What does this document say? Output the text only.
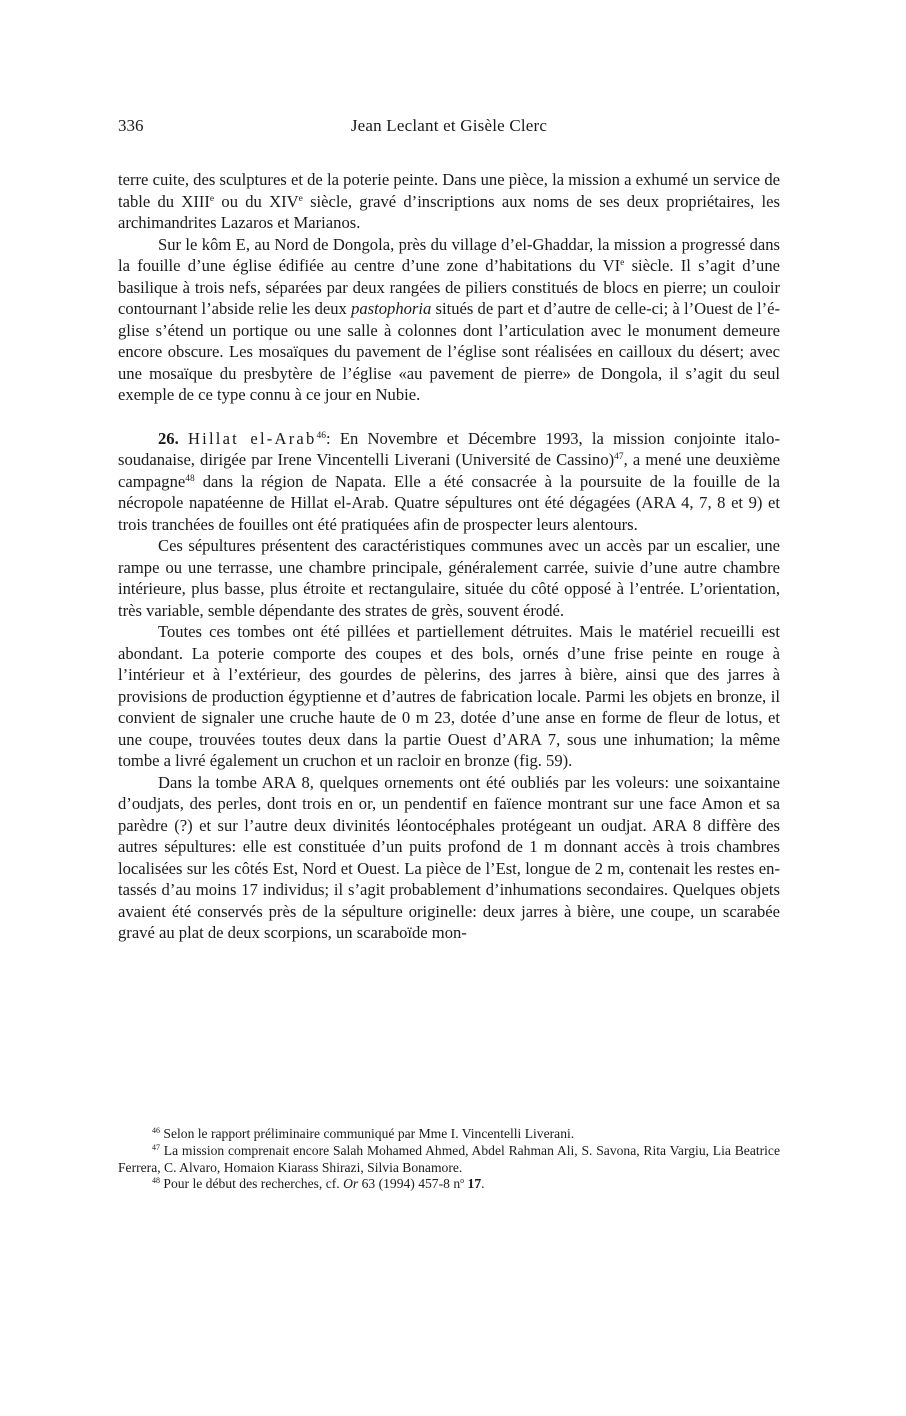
336	Jean Leclant et Gisèle Clerc

terre cuite, des sculptures et de la poterie peinte. Dans une pièce, la mission a exhumé un service de table du XIIIe ou du XIVe siècle, gravé d’inscriptions aux noms de ses deux propriétaires, les archimandrites Lazaros et Marianos.

Sur le kôm E, au Nord de Dongola, près du village d’el-Ghaddar, la mission a progressé dans la fouille d’une église édifiée au centre d’une zone d’habitations du VIe siècle. Il s’agit d’une basilique à trois nefs, séparées par deux rangées de piliers constitués de blocs en pierre; un couloir contournant l’abside relie les deux pastophoria situés de part et d’autre de celle-ci; à l’Ouest de l’église s’étend un portique ou une salle à colonnes dont l’articulation avec le monument demeure encore obscure. Les mosaïques du pavement de l’église sont réalisées en cailloux du désert; avec une mosaïque du presbytère de l’église «au pavement de pierre» de Dongola, il s’agit du seul exemple de ce type connu à ce jour en Nubie.

26. Hillat el-Arab$^{46}$: En Novembre et Décembre 1993, la mission conjointe italo-soudanaise, dirigée par Irene Vincentelli Liverani (Université de Cassino)$^{47}$, a mené une deuxième campagne$^{48}$ dans la région de Napata. Elle a été consacrée à la poursuite de la fouille de la nécropole napatéenne de Hillat el-Arab. Quatre sépultures ont été dégagées (ARA 4, 7, 8 et 9) et trois tranchées de fouilles ont été pratiquées afin de prospecter leurs alentours.

Ces sépultures présentent des caractéristiques communes avec un accès par un escalier, une rampe ou une terrasse, une chambre principale, généralement carrée, suivie d’une autre chambre intérieure, plus basse, plus étroite et rectangulaire, située du côté opposé à l’entrée. L’orientation, très variable, semble dépendante des strates de grès, souvent érodé.

Toutes ces tombes ont été pillées et partiellement détruites. Mais le matériel recueilli est abondant. La poterie comporte des coupes et des bols, ornés d’une frise peinte en rouge à l’intérieur et à l’extérieur, des gourdes de pèlerins, des jarres à bière, ainsi que des jarres à provisions de production égyptienne et d’autres de fabrication locale. Parmi les objets en bronze, il convient de signaler une cruche haute de 0 m 23, dotée d’une anse en forme de fleur de lotus, et une coupe, trouvées toutes deux dans la partie Ouest d’ARA 7, sous une inhumation; la même tombe a livré également un cruchon et un racloir en bronze (fig. 59).

Dans la tombe ARA 8, quelques ornements ont été oubliés par les voleurs: une soixantaine d’oudjats, des perles, dont trois en or, un pendentif en faïence montrant sur une face Amon et sa parèdre (?) et sur l’autre deux divinités léontocéphales protégeant un oudjat. ARA 8 diffère des autres sépultures: elle est constituée d’un puits profond de 1 m donnant accès à trois chambres localisées sur les côtés Est, Nord et Ouest. La pièce de l’Est, longue de 2 m, contenait les restes entassés d’au moins 17 individus; il s’agit probablement d’inhumations secondaires. Quelques objets avaient été conservés près de la sépulture originelle: deux jarres à bière, une coupe, un scarabée gravé au plat de deux scorpions, un scaraboïde mon-

$^{46}$ Selon le rapport préliminaire communiqué par Mme I. Vincentelli Liverani.

$^{47}$ La mission comprenait encore Salah Mohamed Ahmed, Abdel Rahman Ali, S. Savona, Rita Vargiu, Lia Beatrice Ferrera, C. Alvaro, Homaion Kiarass Shirazi, Silvia Bonamore.

$^{48}$ Pour le début des recherches, cf. Or 63 (1994) 457-8 $n^o$ 17.
